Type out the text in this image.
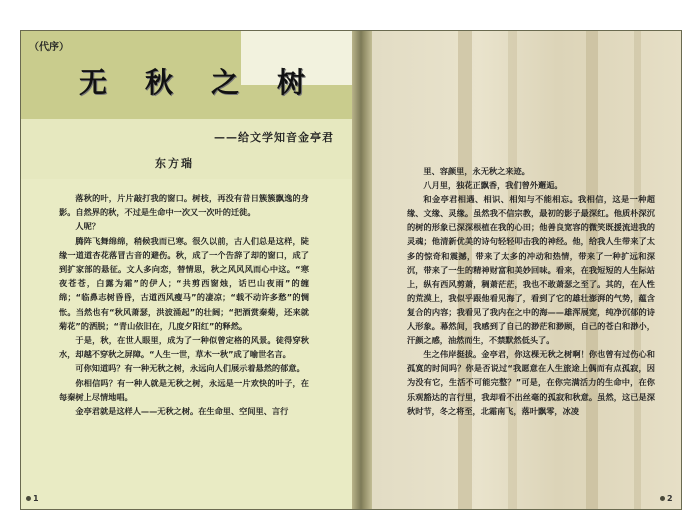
（代序）
无秋之树
——给文学知音金亭君
东方瑞

落秋的叶，片片敲打我的窗口。树枝，再没有昔日簇簇飘逸的身影。自然界的秋，不过是生命中一次又一次叶的迁徙。

人呢？

腾阵飞舞绵绵，稍候我而已寒。很久以前，古人们总是这样，陡缘一道道杏花落冒古音的避伤。秋，成了一个告辞了却的窗口，成了到扩家部的悬征。文人多向恋，替情思，秋之风风风而心中这。“寒夜苍苍，白露为霜”的伊人；“共剪西窗烛，话巴山夜雨”的缠绵；“临鼻志树昏昏，古道西风瘦马”的凄凉；“载不动许多愁”的惆怅。当然也有“秋风萧瑟，洪波涌起”的壮阔；“把酒赏秦菊，还来就菊花”的洒脱；“青山依旧在，几度夕阳红”的释然。

于是，秋，在世人眼里，成为了一种似曾定格的风景。徒得穿秋水，却越不穿秋之屏障。“人生一世，草木一秋”成了喻世名言。

可你知道吗？有一种无秋之树，永远向人们展示着悬然的郁意。

你相信吗？有一种人就是无秋之树，永远是一片欢快的叶子，在每秦树上尽情地唱。

金亭君就是这样人——无秋之树。在生命里、空间里、言行

里、容颜里，永无秋之来迹。

八月里，独花正飘香，我们曾外邂逅。

和金亭君相遇、相识、相知与不能相忘。我相信，这是一种超缘、文缘、灵缘。虽然我不信宗教，最初的影子最深红。他质朴深沉的树的形象已深深根植在我的心田；他善良宽容的微笑既援流进我的灵魂；他清新优美的诗句轻轻叩击我的神经。他，给我人生带来了太多的惊奇和震撼，带来了太多的冲动和热情，带来了一种扩远和深沉，带来了一生的精神财富和美妙回味。看来，在我短短的人生际站上，纵有西风剪萧，稠萧茫茫，我也不敢萧瑟之至了。其的，在人性的荒漠上，我似乎跟他看见海了，看到了它的雄壮澎湃的气势，蕴含复合的内容；我看见了我内在之中的海——雄浑展宽，纯净沉郁的诗人形象。幕然间，我感到了自己的渺茫和渺顾，自己的苍白和渺小，汗颜之感，油然而生，不禁默然低头了。

生之伟岸挺拔。金亭君，你这棵无秋之树啊！你也曾有过伤心和孤寞的时间吗？你是否说过“我愿意在人生旅途上偶而有点孤寂，因为没有它，生活不可能完整？”可是，在你完满活力的生命中，在你乐观豁达的言行里，我却看不出丝毫的孤寂和秋意。虽然，这已是深秋时节，冬之将至，北霜南飞，落叶飘零，冰凌

1	2
